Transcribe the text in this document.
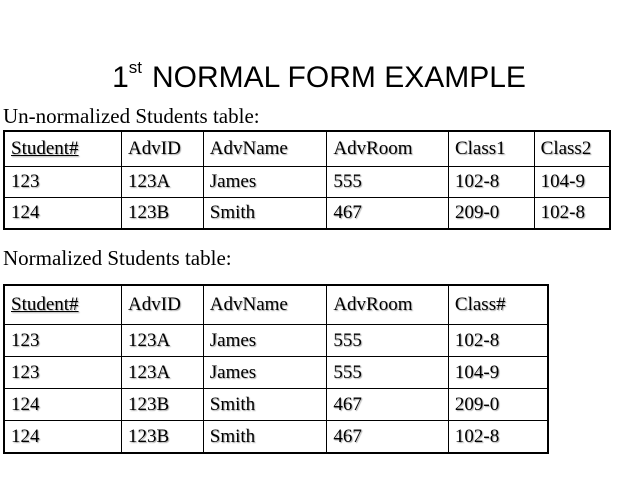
1st NORMAL FORM EXAMPLE
Un-normalized Students table:
Student#	AdvID	AdvName	AdvRoom	Class1	Class2
123	123A	James	555	102-8	104-9
124	123B	Smith	467	209-0	102-8
Normalized Students table:
Student#	AdvID	AdvName	AdvRoom	Class#
123	123A	James	555	102-8
123	123A	James	555	104-9
124	123B	Smith	467	209-0
124	123B	Smith	467	102-8
